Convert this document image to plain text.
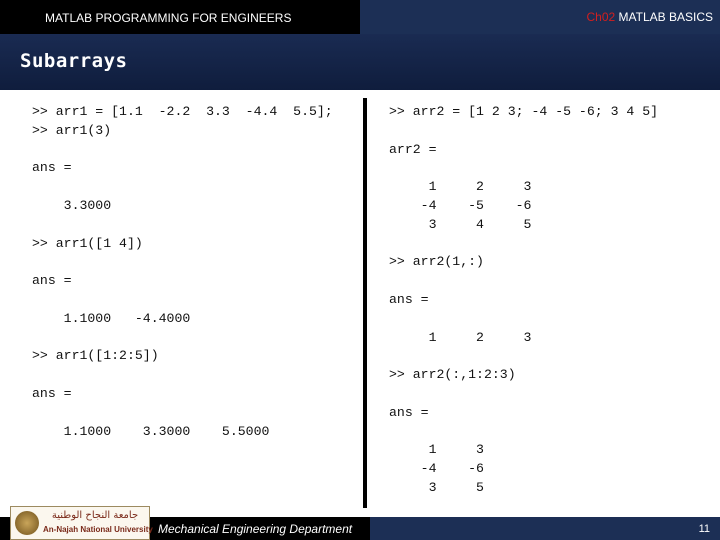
MATLAB PROGRAMMING FOR ENGINEERS	Ch02 MATLAB BASICS
Subarrays
>> arr1 = [1.1  -2.2  3.3  -4.4  5.5];
>> arr1(3)

ans =

3.3000

>> arr1([1 4])

ans =

1.1000   -4.4000

>> arr1([1:2:5])

ans =

1.1000    3.3000    5.5000
>> arr2 = [1 2 3; -4 -5 -6; 3 4 5]

arr2 =

1     2     3
-4    -5    -6
3     4     5

>> arr2(1,:)

ans =

1     2     3

>> arr2(:,1:2:3)

ans =

1     3
-4    -6
3     5
جامعة النجاح الوطنية
An-Najah National University Mechanical Engineering Department	11
